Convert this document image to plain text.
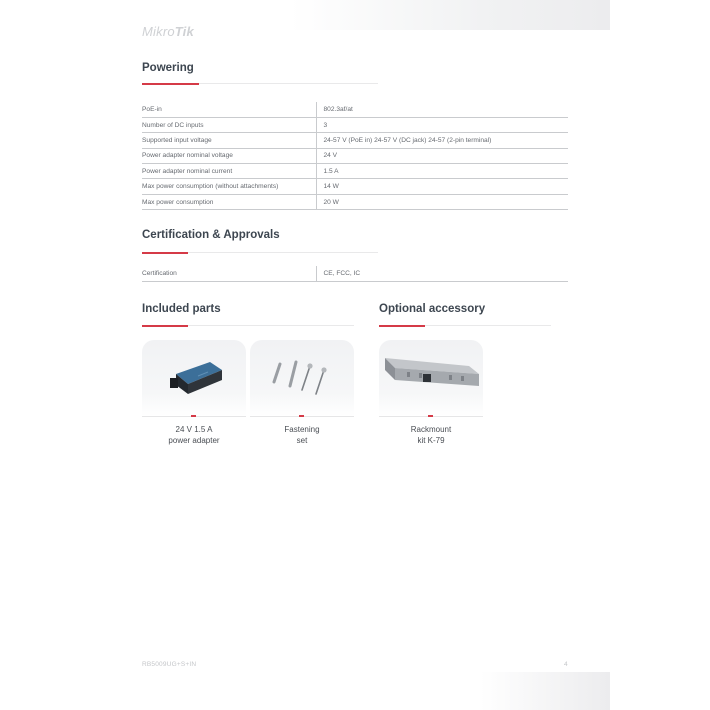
MikroTik
Powering
PoE-in	802.3af/at
Number of DC inputs	3
Supported input voltage	24-57 V (PoE in) 24-57 V (DC jack) 24-57 (2-pin terminal)
Power adapter nominal voltage	24 V
Power adapter nominal current	1.5 A
Max power consumption (without attachments)	14 W
Max power consumption	20 W
Certification & Approvals
Certification	CE, FCC, IC
Included parts
24 V 1.5 A
power adapter
Fastening
set
Optional accessory
Rackmount
kit K-79
RB5009UG+S+IN	4
